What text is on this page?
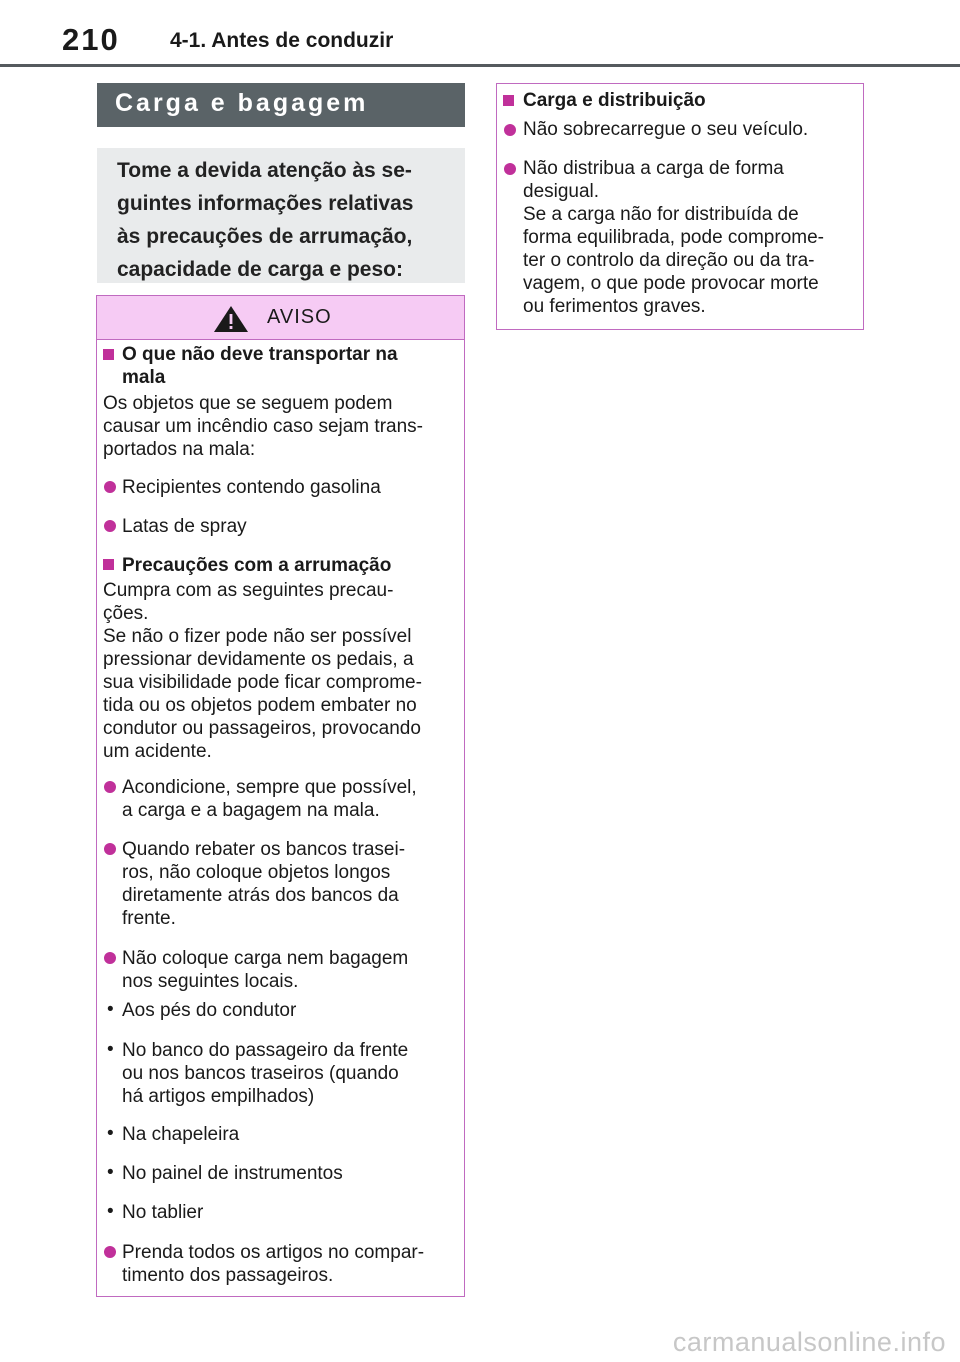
210 4-1. Antes de conduzir
Carga e bagagem

Tome a devida atenção às se-
guintes informações relativas
às precauções de arrumação,
capacidade de carga e peso:

AVISO

O que não deve transportar na
mala

Os objetos que se seguem podem
causar um incêndio caso sejam trans-
portados na mala:

Recipientes contendo gasolina

Latas de spray

Precauções com a arrumação

Cumpra com as seguintes precau-
ções.
Se não o fizer pode não ser possível
pressionar devidamente os pedais, a
sua visibilidade pode ficar comprome-
tida ou os objetos podem embater no
condutor ou passageiros, provocando
um acidente.

Acondicione, sempre que possível,
a carga e a bagagem na mala.

Quando rebater os bancos trasei-
ros, não coloque objetos longos
diretamente atrás dos bancos da
frente.

Não coloque carga nem bagagem
nos seguintes locais.

• Aos pés do condutor

• No banco do passageiro da frente
ou nos bancos traseiros (quando
há artigos empilhados)

• Na chapeleira

• No painel de instrumentos

• No tablier

Prenda todos os artigos no compar-
timento dos passageiros.

Carga e distribuição

Não sobrecarregue o seu veículo.

Não distribua a carga de forma
desigual.
Se a carga não for distribuída de
forma equilibrada, pode comprome-
ter o controlo da direção ou da tra-
vagem, o que pode provocar morte
ou ferimentos graves.

carmanualsonline.info
